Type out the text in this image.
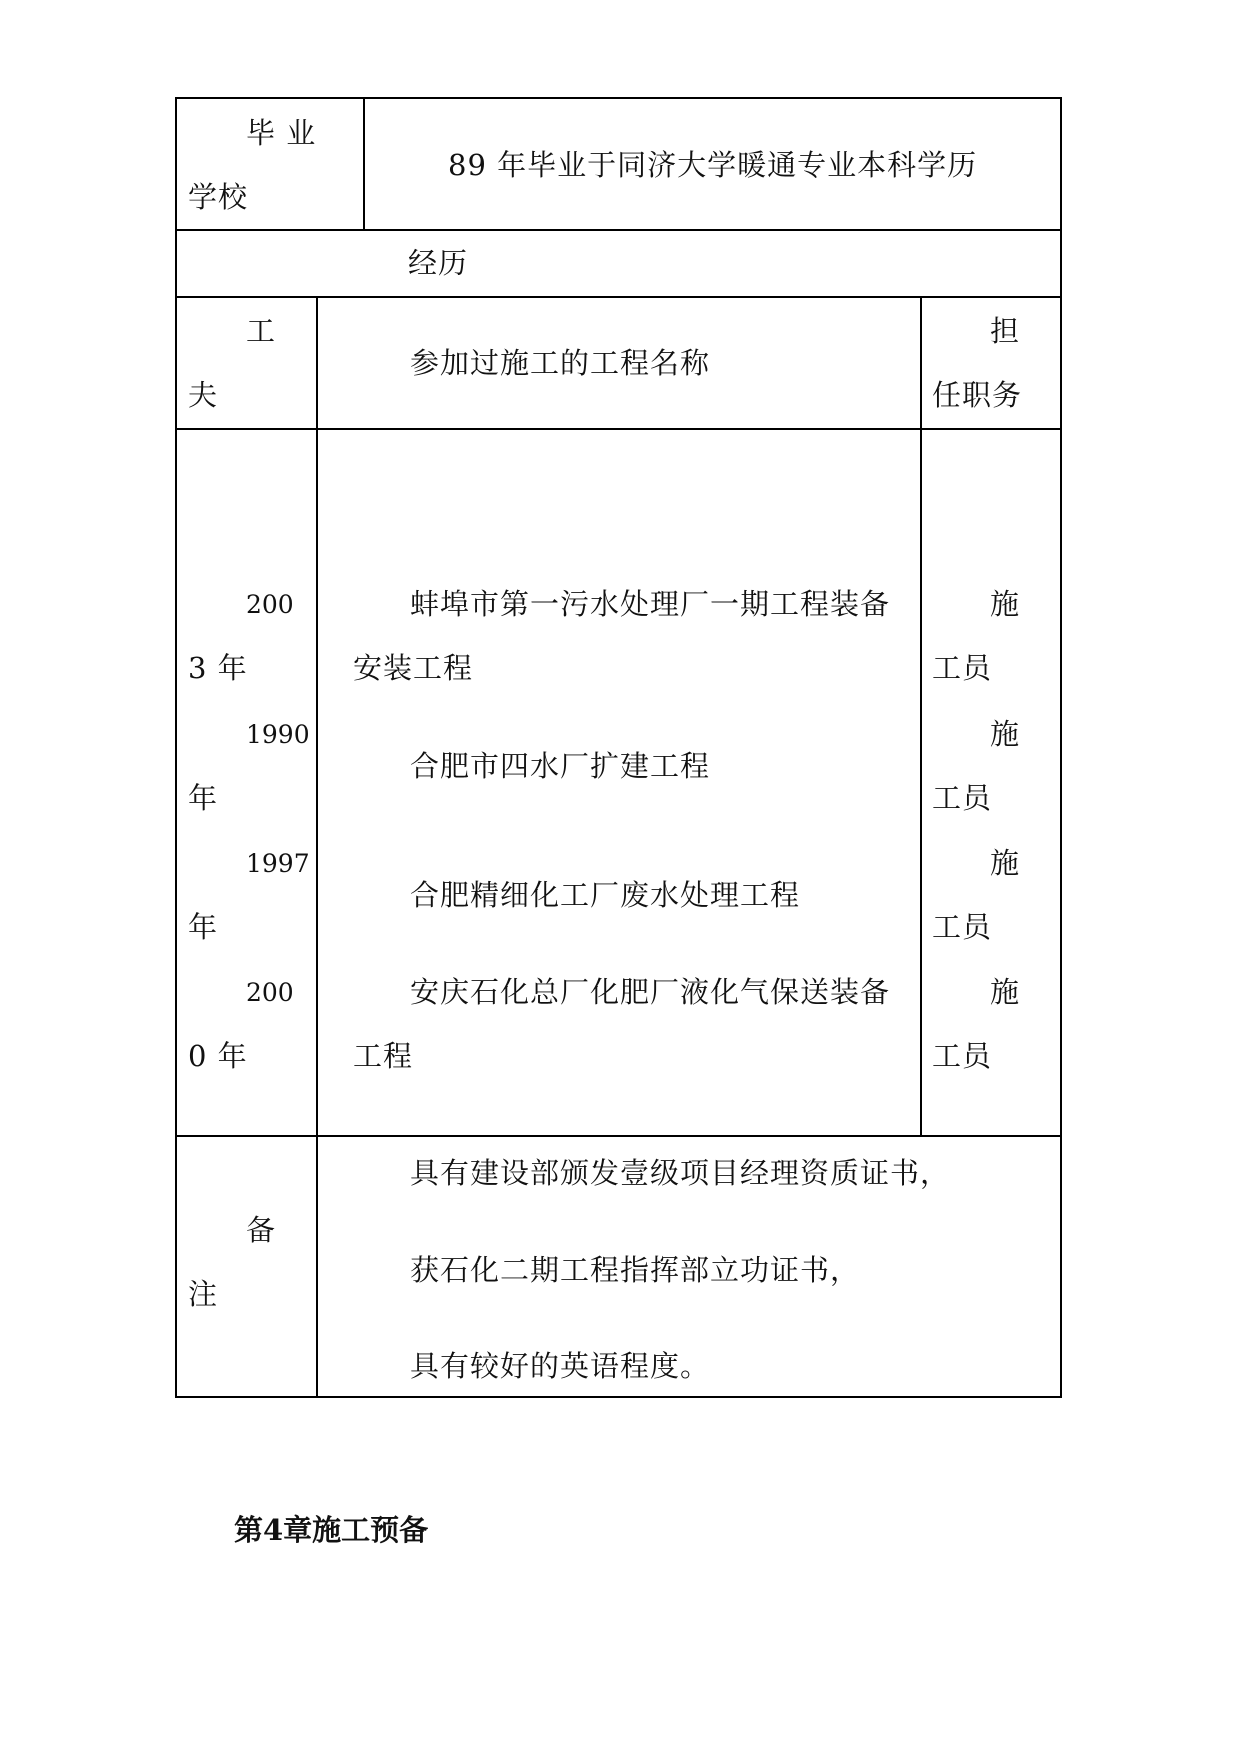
毕 业
学校
89 年毕业于同济大学暖通专业本科学历
经历
工
夫
参加过施工的工程名称
担
任职务
200
3 年
蚌埠市第一污水处理厂一期工程装备
安装工程
施
工员
1990
年
合肥市四水厂扩建工程
施
工员
1997
年
合肥精细化工厂废水处理工程
施
工员
200
0 年
安庆石化总厂化肥厂液化气保送装备
工程
施
工员
备
注
具有建设部颁发壹级项目经理资质证书，
获石化二期工程指挥部立功证书，
具有较好的英语程度。
第4章施工预备
